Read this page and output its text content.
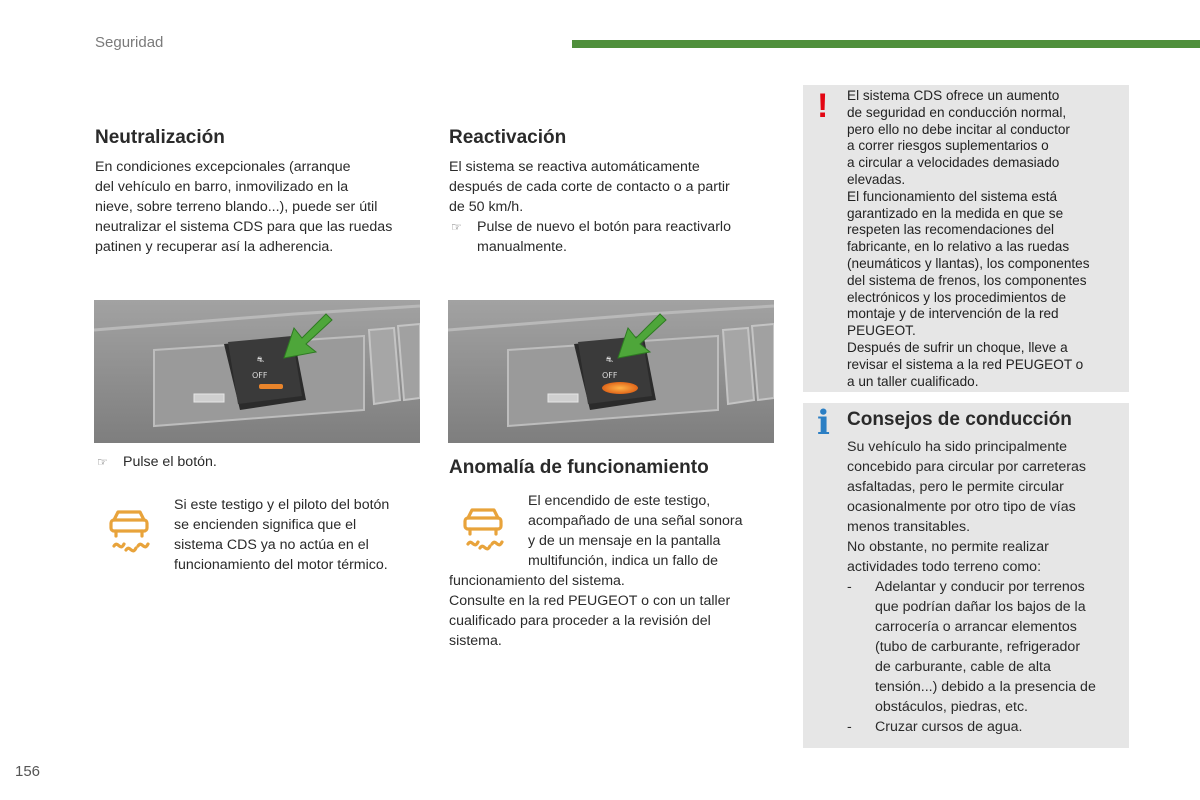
Seguridad
Neutralización

En condiciones excepcionales (arranque

del vehículo en barro, inmovilizado en la

nieve, sobre terreno blando...), puede ser útil

neutralizar el sistema CDS para que las ruedas

patinen y recuperar así la adherencia.

⛐
OFF
☞ Pulse el botón.

Si este testigo y el piloto del botón

se encienden significa que el

sistema CDS ya no actúa en el

funcionamiento del motor térmico.

Reactivación

El sistema se reactiva automáticamente

después de cada corte de contacto o a partir

de 50 km/h.

☞ Pulse de nuevo el botón para reactivarlo

manualmente.

⛐
OFF
Anomalía de funcionamiento

El encendido de este testigo,

acompañado de una señal sonora

y de un mensaje en la pantalla

multifunción, indica un fallo de

funcionamiento del sistema.

Consulte en la red PEUGEOT o con un taller

cualificado para proceder a la revisión del

sistema.

! El sistema CDS ofrece un aumento

de seguridad en conducción normal,

pero ello no debe incitar al conductor

a correr riesgos suplementarios o

a circular a velocidades demasiado

elevadas.

El funcionamiento del sistema está

garantizado en la medida en que se

respeten las recomendaciones del

fabricante, en lo relativo a las ruedas

(neumáticos y llantas), los componentes

del sistema de frenos, los componentes

electrónicos y los procedimientos de

montaje y de intervención de la red

PEUGEOT.

Después de sufrir un choque, lleve a

revisar el sistema a la red PEUGEOT o

a un taller cualificado.

i Consejos de conducción

Su vehículo ha sido principalmente

concebido para circular por carreteras

asfaltadas, pero le permite circular

ocasionalmente por otro tipo de vías

menos transitables.

No obstante, no permite realizar

actividades todo terreno como:

- Adelantar y conducir por terrenos

que podrían dañar los bajos de la

carrocería o arrancar elementos

(tubo de carburante, refrigerador

de carburante, cable de alta

tensión...) debido a la presencia de

obstáculos, piedras, etc.

- Cruzar cursos de agua.

156
